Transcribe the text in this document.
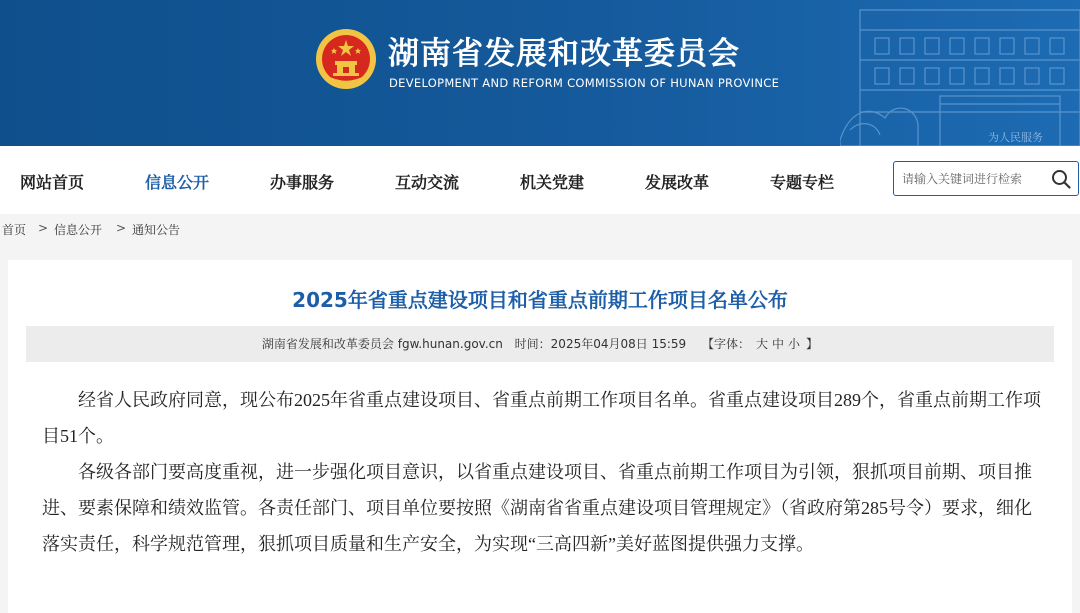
为人民服务
湖南省发展和改革委员会
DEVELOPMENT AND REFORM COMMISSION OF HUNAN PROVINCE
网站首页	信息公开	办事服务	互动交流	机关党建	发展改革	专题专栏
请输入关键词进行检索
首页 > 信息公开 > 通知公告
2025年省重点建设项目和省重点前期工作项目名单公布
湖南省发展和改革委员会 fgw.hunan.gov.cn 时间：2025年04月08日 15:59 【字体： 大 中 小 】

经省人民政府同意，现公布2025年省重点建设项目、省重点前期工作项目名单。省重点建设项目289个，省重点前期工作项目51个。

各级各部门要高度重视，进一步强化项目意识，以省重点建设项目、省重点前期工作项目为引领，狠抓项目前期、项目推进、要素保障和绩效监管。各责任部门、项目单位要按照《湖南省省重点建设项目管理规定》（省政府第285号令）要求，细化落实责任，科学规范管理，狠抓项目质量和生产安全，为实现“三高四新”美好蓝图提供强力支撑。
